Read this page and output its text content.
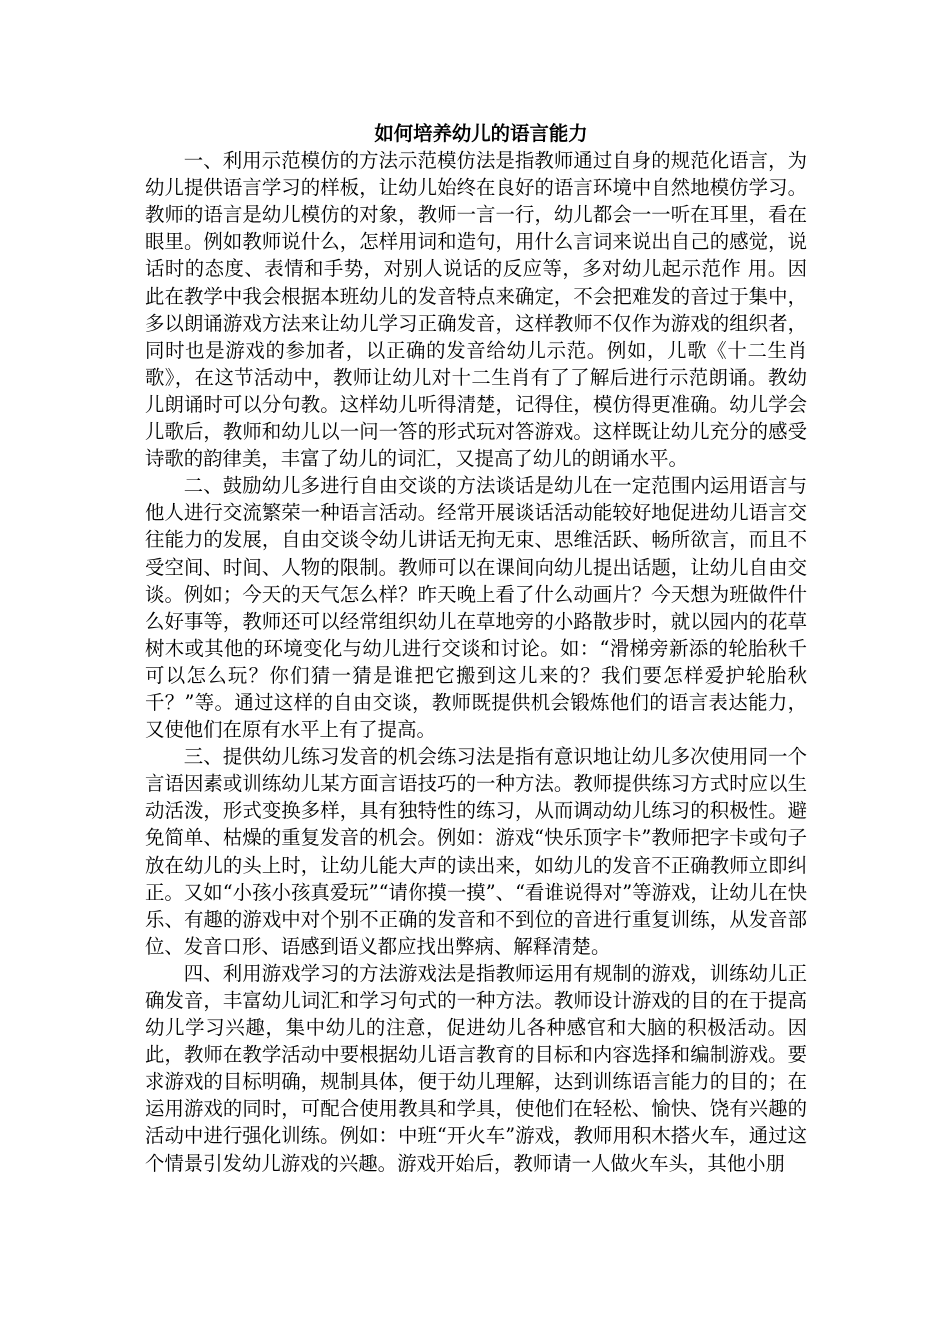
如何培养幼儿的语言能力

一、利用示范模仿的方法示范模仿法是指教师通过自身的规范化语言，为幼儿提供语言学习的样板，让幼儿始终在良好的语言环境中自然地模仿学习。教师的语言是幼儿模仿的对象，教师一言一行，幼儿都会一一听在耳里，看在眼里。例如教师说什么，怎样用词和造句，用什么言词来说出自己的感觉，说话时的态度、表情和手势，对别人说话的反应等，多对幼儿起示范作 用。因此在教学中我会根据本班幼儿的发音特点来确定，不会把难发的音过于集中，多以朗诵游戏方法来让幼儿学习正确发音，这样教师不仅作为游戏的组织者，同时也是游戏的参加者，以正确的发音给幼儿示范。例如，儿歌《十二生肖歌》，在这节活动中，教师让幼儿对十二生肖有了了解后进行示范朗诵。教幼儿朗诵时可以分句教。这样幼儿听得清楚，记得住，模仿得更准确。幼儿学会儿歌后，教师和幼儿以一问一答的形式玩对答游戏。这样既让幼儿充分的感受诗歌的韵律美，丰富了幼儿的词汇，又提高了幼儿的朗诵水平。

二、鼓励幼儿多进行自由交谈的方法谈话是幼儿在一定范围内运用语言与他人进行交流繁荣一种语言活动。经常开展谈话活动能较好地促进幼儿语言交往能力的发展，自由交谈令幼儿讲话无拘无束、思维活跃、畅所欲言，而且不受空间、时间、人物的限制。教师可以在课间向幼儿提出话题，让幼儿自由交谈。例如；今天的天气怎么样？昨天晚上看了什么动画片？今天想为班做件什么好事等，教师还可以经常组织幼儿在草地旁的小路散步时，就以园内的花草树木或其他的环境变化与幼儿进行交谈和讨论。如：“滑梯旁新添的轮胎秋千可以怎么玩？你们猜一猜是谁把它搬到这儿来的？我们要怎样爱护轮胎秋千？”等。通过这样的自由交谈，教师既提供机会锻炼他们的语言表达能力，又使他们在原有水平上有了提高。

三、提供幼儿练习发音的机会练习法是指有意识地让幼儿多次使用同一个言语因素或训练幼儿某方面言语技巧的一种方法。教师提供练习方式时应以生动活泼，形式变换多样，具有独特性的练习，从而调动幼儿练习的积极性。避免简单、枯燥的重复发音的机会。例如：游戏“快乐顶字卡”教师把字卡或句子放在幼儿的头上时，让幼儿能大声的读出来，如幼儿的发音不正确教师立即纠正。又如“小孩小孩真爱玩”“请你摸一摸”、“看谁说得对”等游戏，让幼儿在快乐、有趣的游戏中对个别不正确的发音和不到位的音进行重复训练，从发音部位、发音口形、语感到语义都应找出弊病、解释清楚。

四、利用游戏学习的方法游戏法是指教师运用有规制的游戏，训练幼儿正确发音，丰富幼儿词汇和学习句式的一种方法。教师设计游戏的目的在于提高幼儿学习兴趣，集中幼儿的注意，促进幼儿各种感官和大脑的积极活动。因此，教师在教学活动中要根据幼儿语言教育的目标和内容选择和编制游戏。要求游戏的目标明确，规制具体，便于幼儿理解，达到训练语言能力的目的；在运用游戏的同时，可配合使用教具和学具，使他们在轻松、愉快、饶有兴趣的活动中进行强化训练。例如：中班“开火车”游戏，教师用积木搭火车，通过这个情景引发幼儿游戏的兴趣。游戏开始后，教师请一人做火车头，其他小朋
